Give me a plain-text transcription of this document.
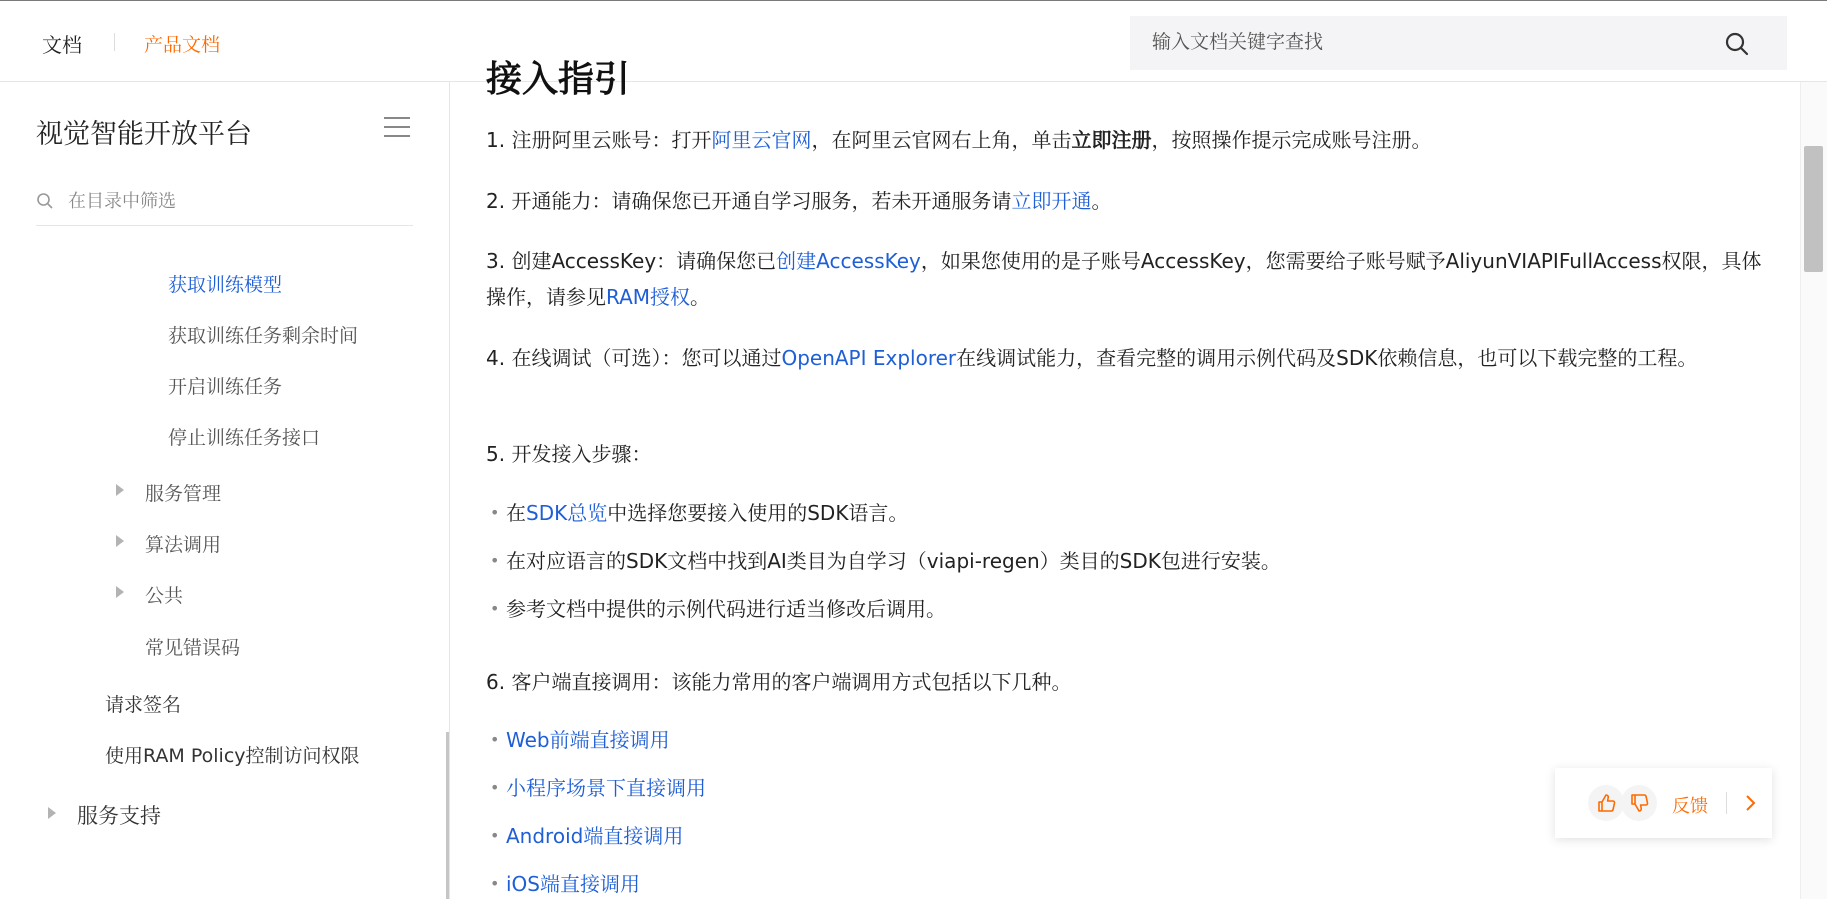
文档	产品文档
输入文档关键字查找
视觉智能开放平台
在目录中筛选
获取训练模型
获取训练任务剩余时间
开启训练任务
停止训练任务接口
服务管理
算法调用
公共
常见错误码
请求签名
使用RAM Policy控制访问权限
服务支持
接入指引
1. 注册阿里云账号：打开阿里云官网，在阿里云官网右上角，单击立即注册，按照操作提示完成账号注册。
2. 开通能力：请确保您已开通自学习服务，若未开通服务请立即开通。
3. 创建AccessKey：请确保您已创建AccessKey，如果您使用的是子账号AccessKey，您需要给子账号赋予AliyunVIAPIFullAccess权限，具体操作，请参见RAM授权。
4. 在线调试（可选）：您可以通过OpenAPI Explorer在线调试能力，查看完整的调用示例代码及SDK依赖信息，也可以下载完整的工程。
5. 开发接入步骤：
• 在SDK总览中选择您要接入使用的SDK语言。
• 在对应语言的SDK文档中找到AI类目为自学习（viapi-regen）类目的SDK包进行安装。
• 参考文档中提供的示例代码进行适当修改后调用。
6. 客户端直接调用：该能力常用的客户端调用方式包括以下几种。
• Web前端直接调用
• 小程序场景下直接调用
• Android端直接调用
• iOS端直接调用
反馈
